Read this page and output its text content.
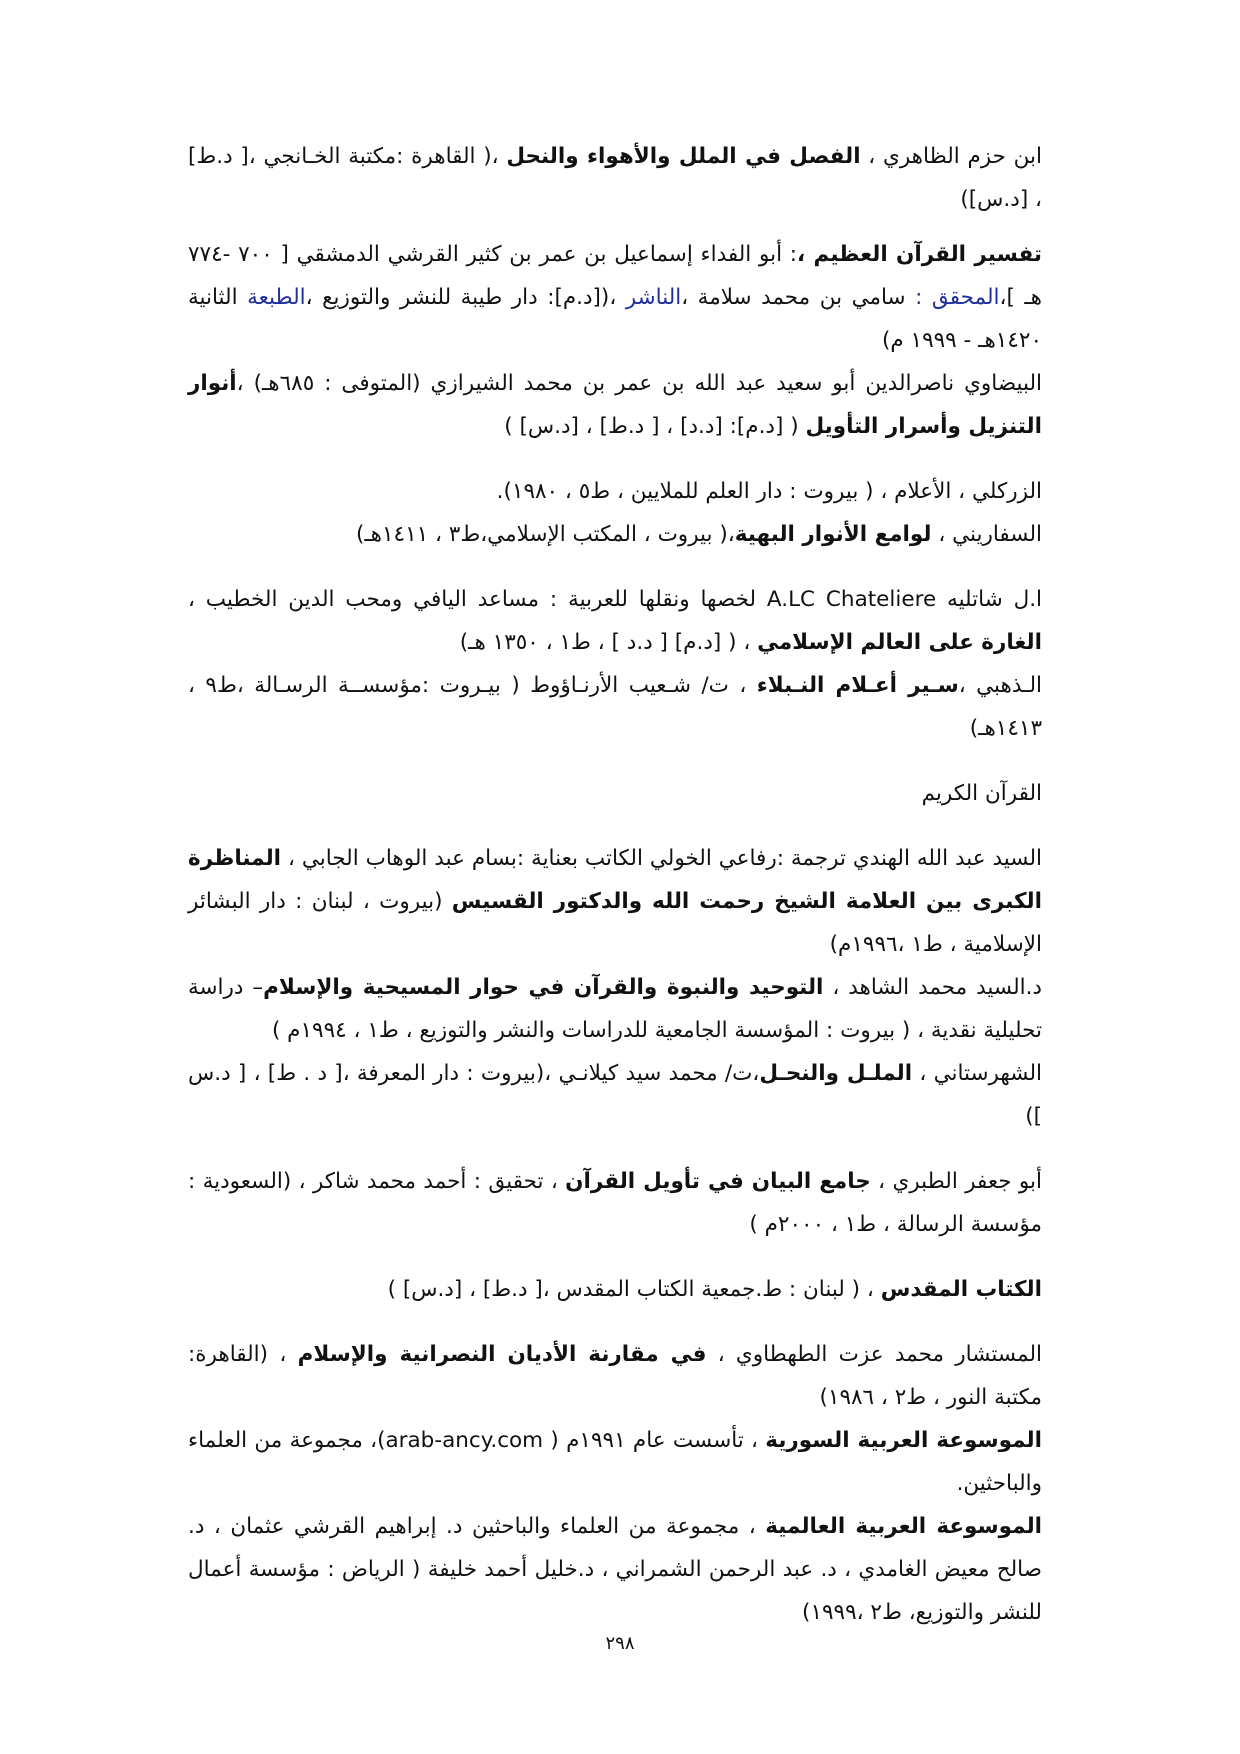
ابن حزم الظاهري ، الفصل في الملل والأهواء والنحل ،( القاهرة :مكتبة الخـانجي ،[ د.ط] ، [د.س])

تفسير القرآن العظيم ،: أبو الفداء إسماعيل بن عمر بن كثير القرشي الدمشقي [ ٧٠٠ -٧٧٤ هـ ]،المحقق : سامي بن محمد سلامة ،الناشر ،([د.م]: دار طيبة للنشر والتوزيع ،الطبعة الثانية ١٤٢٠هـ - ١٩٩٩ م)

البيضاوي ناصرالدين أبو سعيد عبد الله بن عمر بن محمد الشيرازي (المتوفى : ٦٨٥هـ) ،أنوار التنزيل وأسرار التأويل ( [د.م]: [د.د] ، [ د.ط] ، [د.س] )

الزركلي ، الأعلام ، ( بيروت : دار العلم للملايين ، ط٥ ، ١٩٨٠).

السفاريني ، لوامع الأنوار البهية،( بيروت ، المكتب الإسلامي،ط٣ ، ١٤١١هـ)

ا.ل شاتليه A.LC Chateliere لخصها ونقلها للعربية : مساعد اليافي ومحب الدين الخطيب ، الغارة على العالم الإسلامي ، ( [د.م] [ د.د ] ، ط١ ، ١٣٥٠ هـ)

الـذهبي ،سـير أعـلام النـبلاء ، ت/ شـعيب الأرنـاؤوط ( بيـروت :مؤسســة الرسـالة ،ط٩ ، ١٤١٣هـ)

القرآن الكريم

السيد عبد الله الهندي ترجمة :رفاعي الخولي الكاتب بعناية :بسام عبد الوهاب الجابي ، المناظرة الكبرى بين العلامة الشيخ رحمت الله والدكتور القسيس (بيروت ، لبنان : دار البشائر الإسلامية ، ط١ ،١٩٩٦م)

د.السيد محمد الشاهد ، التوحيد والنبوة والقرآن في حوار المسيحية والإسلام– دراسة تحليلية نقدية ، ( بيروت : المؤسسة الجامعية للدراسات والنشر والتوزيع ، ط١ ، ١٩٩٤م )

الشهرستاني ، الملـل والنحـل،ت/ محمد سيد كيلانـي ،(بيروت : دار المعرفة ،[ د . ط] ، [ د.س ])

أبو جعفر الطبري ، جامع البيان في تأويل القرآن ، تحقيق : أحمد محمد شاكر ، (السعودية : مؤسسة الرسالة ، ط١ ، ٢٠٠٠م )

الكتاب المقدس ، ( لبنان : ط.جمعية الكتاب المقدس ،[ د.ط] ، [د.س] )

المستشار محمد عزت الطهطاوي ، في مقارنة الأديان النصرانية والإسلام ، (القاهرة: مكتبة النور ، ط٢ ، ١٩٨٦)

الموسوعة العربية السورية ، تأسست عام ١٩٩١م ( arab-ancy.com)، مجموعة من العلماء والباحثين.

الموسوعة العربية العالمية ، مجموعة من العلماء والباحثين د. إبراهيم القرشي عثمان ، د. صالح معيض الغامدي ، د. عبد الرحمن الشمراني ، د.خليل أحمد خليفة ( الرياض : مؤسسة أعمال للنشر والتوزيع، ط٢ ،١٩٩٩)

٢٩٨
